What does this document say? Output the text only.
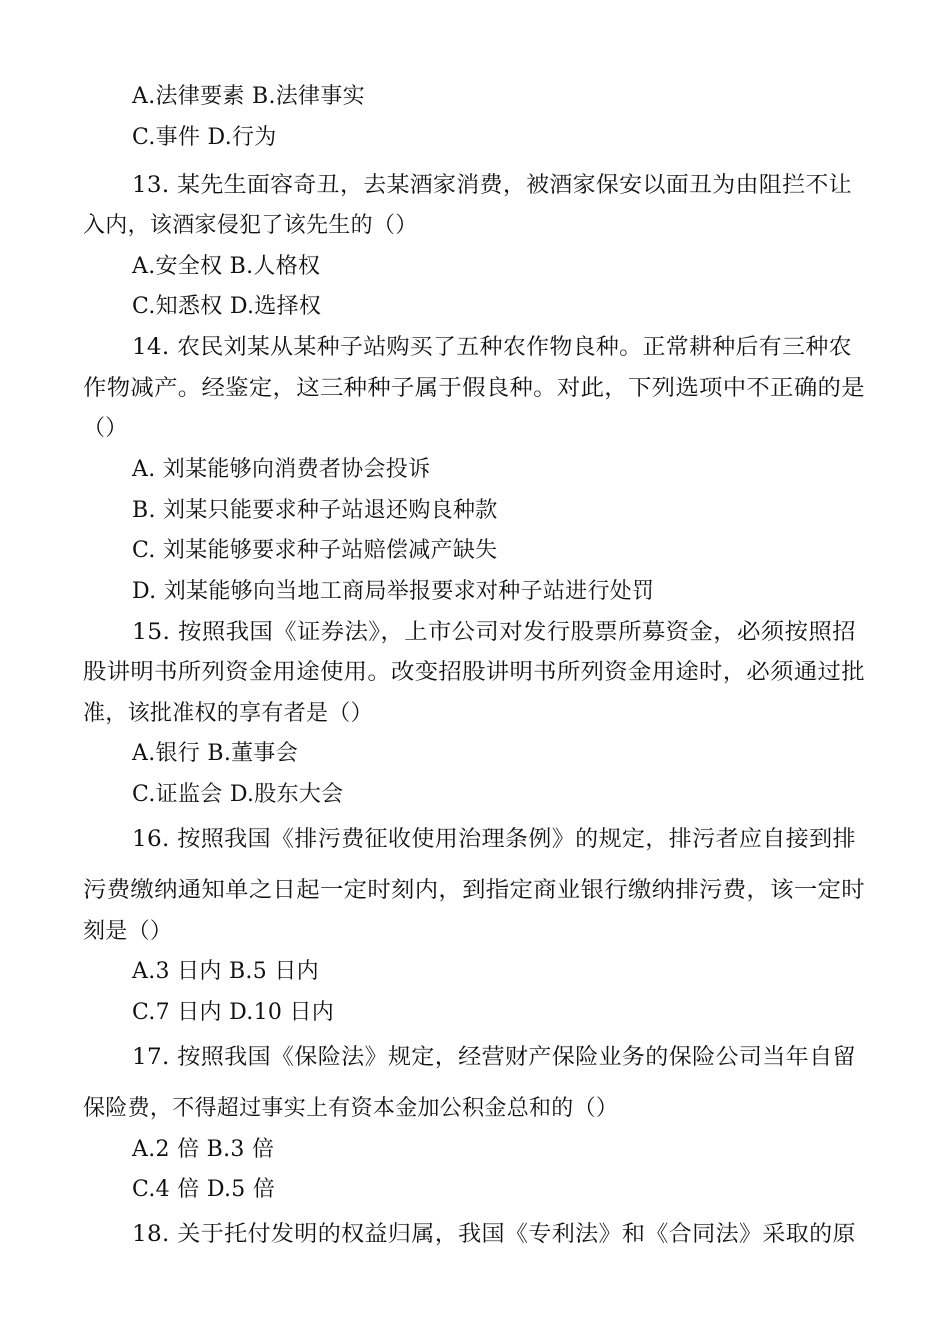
A.法律要素 B.法律事实
C.事件 D.行为
13. 某先生面容奇丑，去某酒家消费，被酒家保安以面丑为由阻拦不让
入内，该酒家侵犯了该先生的（）
A.安全权 B.人格权
C.知悉权 D.选择权
14. 农民刘某从某种子站购买了五种农作物良种。正常耕种后有三种农
作物减产。经鉴定，这三种种子属于假良种。对此，下列选项中不正确的是
（）
A. 刘某能够向消费者协会投诉
B. 刘某只能要求种子站退还购良种款
C. 刘某能够要求种子站赔偿减产缺失
D. 刘某能够向当地工商局举报要求对种子站进行处罚
15. 按照我国《证券法》，上市公司对发行股票所募资金，必须按照招
股讲明书所列资金用途使用。改变招股讲明书所列资金用途时，必须通过批
准，该批准权的享有者是（）
A.银行 B.董事会
C.证监会 D.股东大会
16. 按照我国《排污费征收使用治理条例》的规定，排污者应自接到排
污费缴纳通知单之日起一定时刻内，到指定商业银行缴纳排污费，该一定时
刻是（）
A.3 日内 B.5 日内
C.7 日内 D.10 日内
17. 按照我国《保险法》规定，经营财产保险业务的保险公司当年自留
保险费，不得超过事实上有资本金加公积金总和的（）
A.2 倍 B.3 倍
C.4 倍 D.5 倍
18. 关于托付发明的权益归属，我国《专利法》和《合同法》采取的原
